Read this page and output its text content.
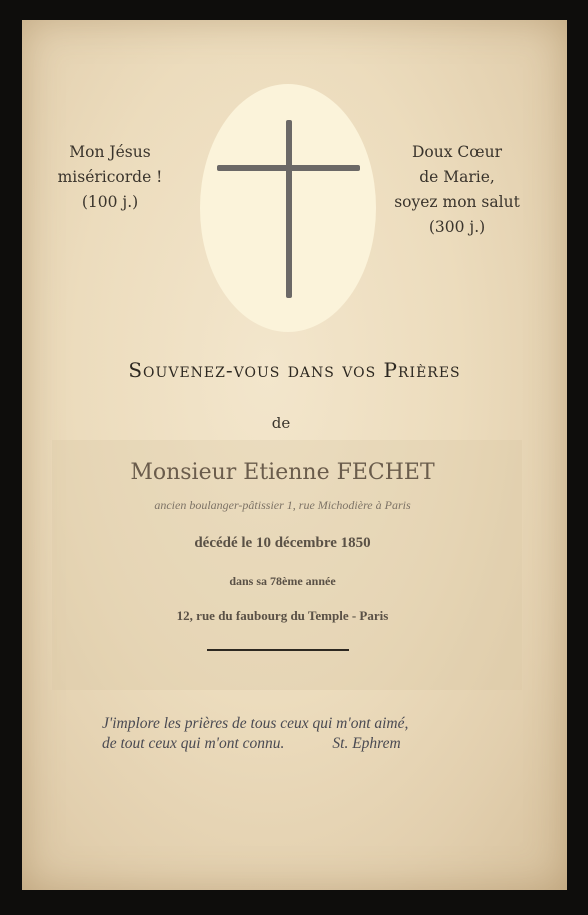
Mon Jésus
miséricorde !
(100 j.)
Doux Cœur
de Marie,
soyez mon salut
(300 j.)
Souvenez-vous dans vos Prières
de
Monsieur Etienne FECHET
ancien boulanger-pâtissier 1, rue Michodière à Paris
décédé le 10 décembre 1850
dans sa 78ème année
12, rue du faubourg du Temple - Paris
J'implore les prières de tous ceux qui m'ont aimé,
de tout ceux qui m'ont connu.	St. Ephrem
